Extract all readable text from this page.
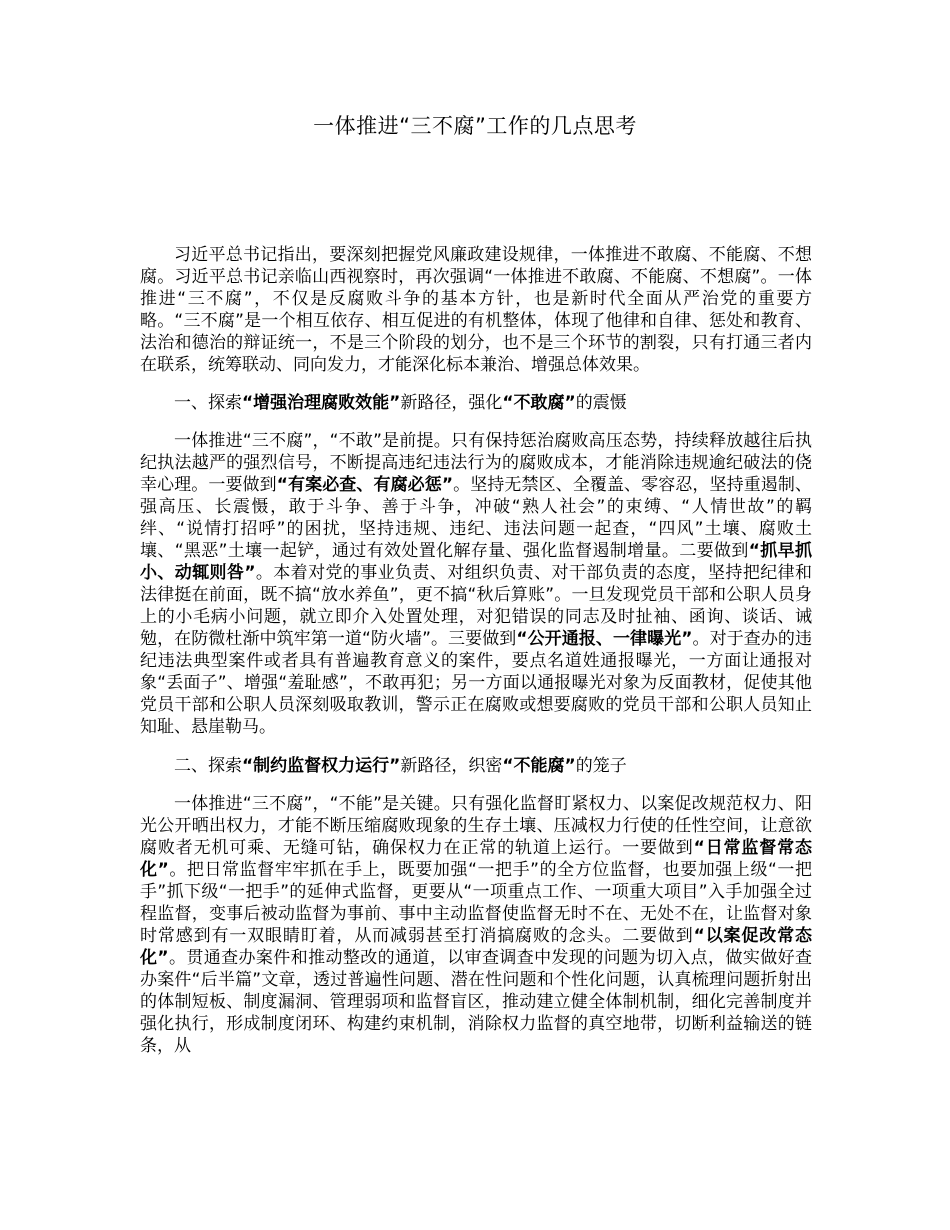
一体推进“三不腐”工作的几点思考

习近平总书记指出，要深刻把握党风廉政建设规律，一体推进不敢腐、不能腐、不想腐。习近平总书记亲临山西视察时，再次强调“一体推进不敢腐、不能腐、不想腐”。一体推进“三不腐”，不仅是反腐败斗争的基本方针，也是新时代全面从严治党的重要方略。“三不腐”是一个相互依存、相互促进的有机整体，体现了他律和自律、惩处和教育、法治和德治的辩证统一，不是三个阶段的划分，也不是三个环节的割裂，只有打通三者内在联系，统筹联动、同向发力，才能深化标本兼治、增强总体效果。

一、探索“增强治理腐败效能”新路径，强化“不敢腐”的震慑

一体推进“三不腐”，“不敢”是前提。只有保持惩治腐败高压态势，持续释放越往后执纪执法越严的强烈信号，不断提高违纪违法行为的腐败成本，才能消除违规逾纪破法的侥幸心理。一要做到“有案必查、有腐必惩”。坚持无禁区、全覆盖、零容忍，坚持重遏制、强高压、长震慑，敢于斗争、善于斗争，冲破“熟人社会”的束缚、“人情世故”的羁绊、“说情打招呼”的困扰，坚持违规、违纪、违法问题一起查，“四风”土壤、腐败土壤、“黑恶”土壤一起铲，通过有效处置化解存量、强化监督遏制增量。二要做到“抓早抓小、动辄则咎”。本着对党的事业负责、对组织负责、对干部负责的态度，坚持把纪律和法律挺在前面，既不搞“放水养鱼”，更不搞“秋后算账”。一旦发现党员干部和公职人员身上的小毛病小问题，就立即介入处置处理，对犯错误的同志及时扯袖、函询、谈话、诫勉，在防微杜渐中筑牢第一道“防火墙”。三要做到“公开通报、一律曝光”。对于查办的违纪违法典型案件或者具有普遍教育意义的案件，要点名道姓通报曝光，一方面让通报对象“丢面子”、增强“羞耻感”，不敢再犯；另一方面以通报曝光对象为反面教材，促使其他党员干部和公职人员深刻吸取教训，警示正在腐败或想要腐败的党员干部和公职人员知止知耻、悬崖勒马。

二、探索“制约监督权力运行”新路径，织密“不能腐”的笼子

一体推进“三不腐”，“不能”是关键。只有强化监督盯紧权力、以案促改规范权力、阳光公开晒出权力，才能不断压缩腐败现象的生存土壤、压减权力行使的任性空间，让意欲腐败者无机可乘、无缝可钻，确保权力在正常的轨道上运行。一要做到“日常监督常态化”。把日常监督牢牢抓在手上，既要加强“一把手”的全方位监督，也要加强上级“一把手”抓下级“一把手”的延伸式监督，更要从“一项重点工作、一项重大项目”入手加强全过程监督，变事后被动监督为事前、事中主动监督使监督无时不在、无处不在，让监督对象时常感到有一双眼睛盯着，从而减弱甚至打消搞腐败的念头。二要做到“以案促改常态化”。贯通查办案件和推动整改的通道，以审查调查中发现的问题为切入点，做实做好查办案件“后半篇”文章，透过普遍性问题、潜在性问题和个性化问题，认真梳理问题折射出的体制短板、制度漏洞、管理弱项和监督盲区，推动建立健全体制机制，细化完善制度并强化执行，形成制度闭环、构建约束机制，消除权力监督的真空地带，切断利益输送的链条，从
